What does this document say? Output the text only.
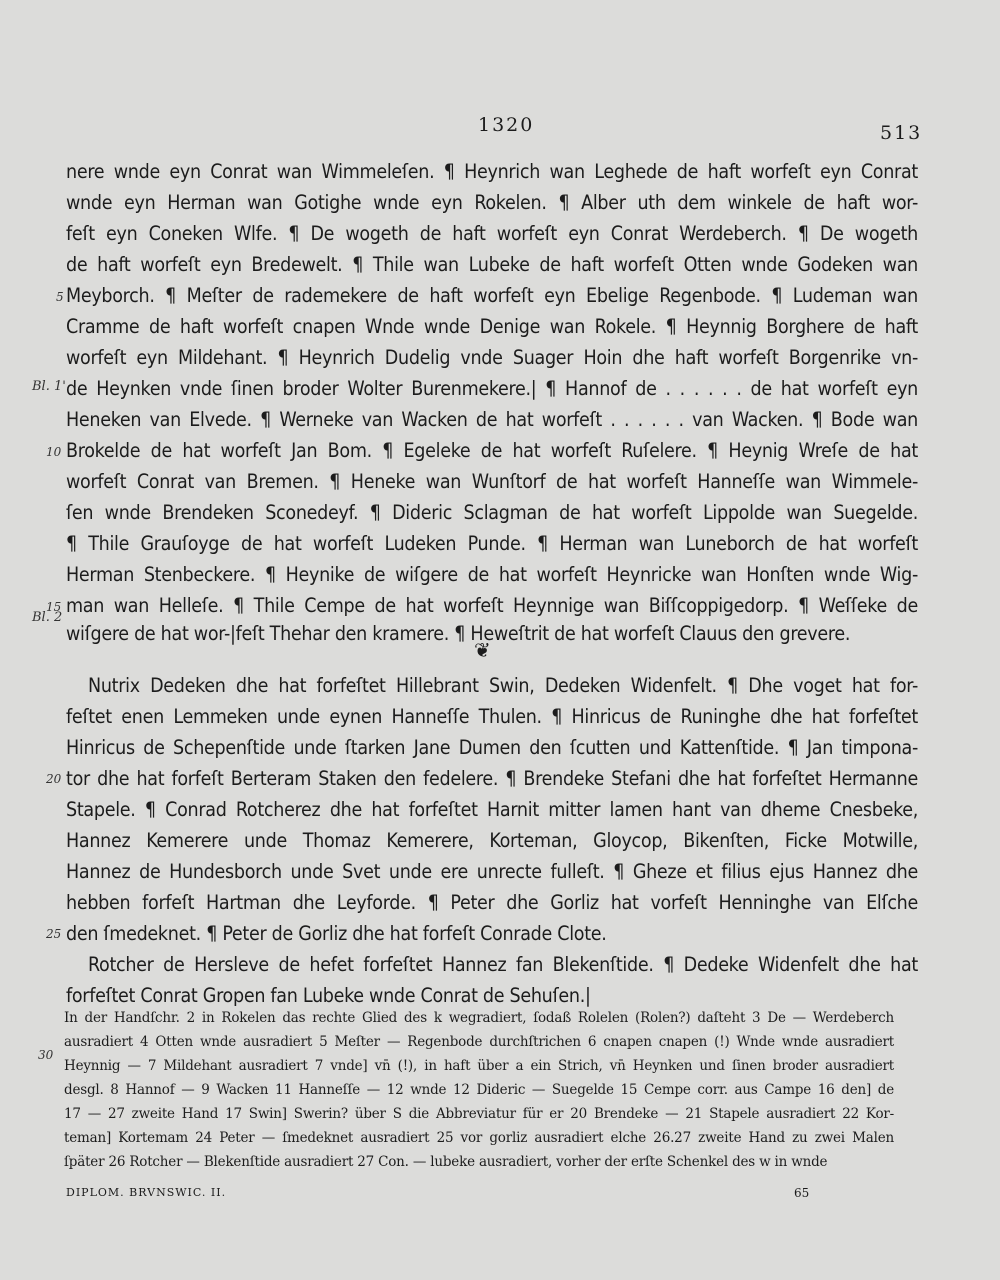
1320	513
nere wnde eyn Conrat wan Wimmeleſen. ¶ Heynrich wan Leghede de haft worfeſt eyn Conrat
wnde eyn Herman wan Gotighe wnde eyn Rokelen. ¶ Alber uth dem winkele de haft wor-
feſt eyn Coneken Wlfe. ¶ De wogeth de haft worfeſt eyn Conrat Werdeberch. ¶ De wogeth
de haft worfeſt eyn Bredewelt. ¶ Thile wan Lubeke de haft worfeſt Otten wnde Godeken wan
Meyborch. ¶ Meſter de rademekere de haft worfeſt eyn Ebelige Regenbode. ¶ Ludeman wan
Cramme de haft worfeſt cnapen Wnde wnde Denige wan Rokele. ¶ Heynnig Borghere de haft
worfeſt eyn Mildehant. ¶ Heynrich Dudelig vnde Suager Hoin dhe haft worfeſt Borgenrike vn-
de Heynken vnde ſinen broder Wolter Burenmekere.| ¶ Hannof de . . . . . . de hat worfeſt eyn
Heneken van Elvede. ¶ Werneke van Wacken de hat worfeſt . . . . . . van Wacken. ¶ Bode wan
Brokelde de hat worfeſt Jan Bom. ¶ Egeleke de hat worfeſt Ruſelere. ¶ Heynig Wreſe de hat
worfeſt Conrat van Bremen. ¶ Heneke wan Wunſtorf de hat worfeſt Hanneſſe wan Wimmele-
ſen wnde Brendeken Sconedeyf. ¶ Dideric Sclagman de hat worfeſt Lippolde wan Suegelde.
¶ Thile Grauſoyge de hat worfeſt Ludeken Punde. ¶ Herman wan Luneborch de hat worfeſt
Herman Stenbeckere. ¶ Heynike de wiſgere de hat worfeſt Heynricke wan Honſten wnde Wig-
man wan Helleſe. ¶ Thile Cempe de hat worfeſt Heynnige wan Biſſcoppigedorp. ¶ Weſſeke de
wiſgere de hat wor-|feſt Thehar den kramere. ¶ Heweſtrit de hat worfeſt Clauus den grevere.
❦
Nutrix Dedeken dhe hat forfeſtet Hillebrant Swin, Dedeken Widenfelt. ¶ Dhe voget hat for-
feſtet enen Lemmeken unde eynen Hanneſſe Thulen. ¶ Hinricus de Runinghe dhe hat forfeſtet
Hinricus de Schepenſtide unde ſtarken Jane Dumen den ſcutten und Kattenſtide. ¶ Jan timpona-
tor dhe hat forfeſt Berteram Staken den fedelere. ¶ Brendeke Stefani dhe hat forfeſtet Hermanne
Stapele. ¶ Conrad Rotcherez dhe hat forfeſtet Harnit mitter lamen hant van dheme Cnesbeke,
Hannez Kemerere unde Thomaz Kemerere, Korteman, Gloycop, Bikenſten, Ficke Motwille,
Hannez de Hundesborch unde Svet unde ere unrecte fulleſt. ¶ Gheze et filius ejus Hannez dhe
hebben forfeſt Hartman dhe Leyforde. ¶ Peter dhe Gorliz hat vorfeſt Henninghe van Elſche
den ſmedeknet. ¶ Peter de Gorliz dhe hat forfeſt Conrade Clote.
Rotcher de Hersleve de hefet forfeſtet Hannez fan Blekenſtide. ¶ Dedeke Widenfelt dhe hat
forfeſtet Conrat Gropen fan Lubeke wnde Conrat de Sehuſen.|
5
10
15
20
25
30
Bl. 1'
Bl. 2
In der Handſchr. 2 in Rokelen das rechte Glied des k wegradiert, ſodaß Rolelen (Rolen?) daſteht 3 De — Werdeberch
ausradiert 4 Otten wnde ausradiert 5 Meſter — Regenbode durchſtrichen 6 cnapen cnapen (!) Wnde wnde ausradiert
Heynnig — 7 Mildehant ausradiert 7 vnde] vn̄ (!), in haft über a ein Strich, vn̄ Heynken und ſinen broder ausradiert
desgl. 8 Hannof — 9 Wacken 11 Hanneſſe — 12 wnde 12 Dideric — Suegelde 15 Cempe corr. aus Campe 16 den] de
17 — 27 zweite Hand 17 Swin] Swerin? über S die Abbreviatur für er 20 Brendeke — 21 Stapele ausradiert 22 Kor-
teman] Kortemam 24 Peter — ſmedeknet ausradiert 25 vor gorliz ausradiert elche 26.27 zweite Hand zu zwei Malen
ſpäter 26 Rotcher — Blekenſtide ausradiert 27 Con. — lubeke ausradiert, vorher der erſte Schenkel des w in wnde
DIPLOM. BRVNSWIC. II.	65
